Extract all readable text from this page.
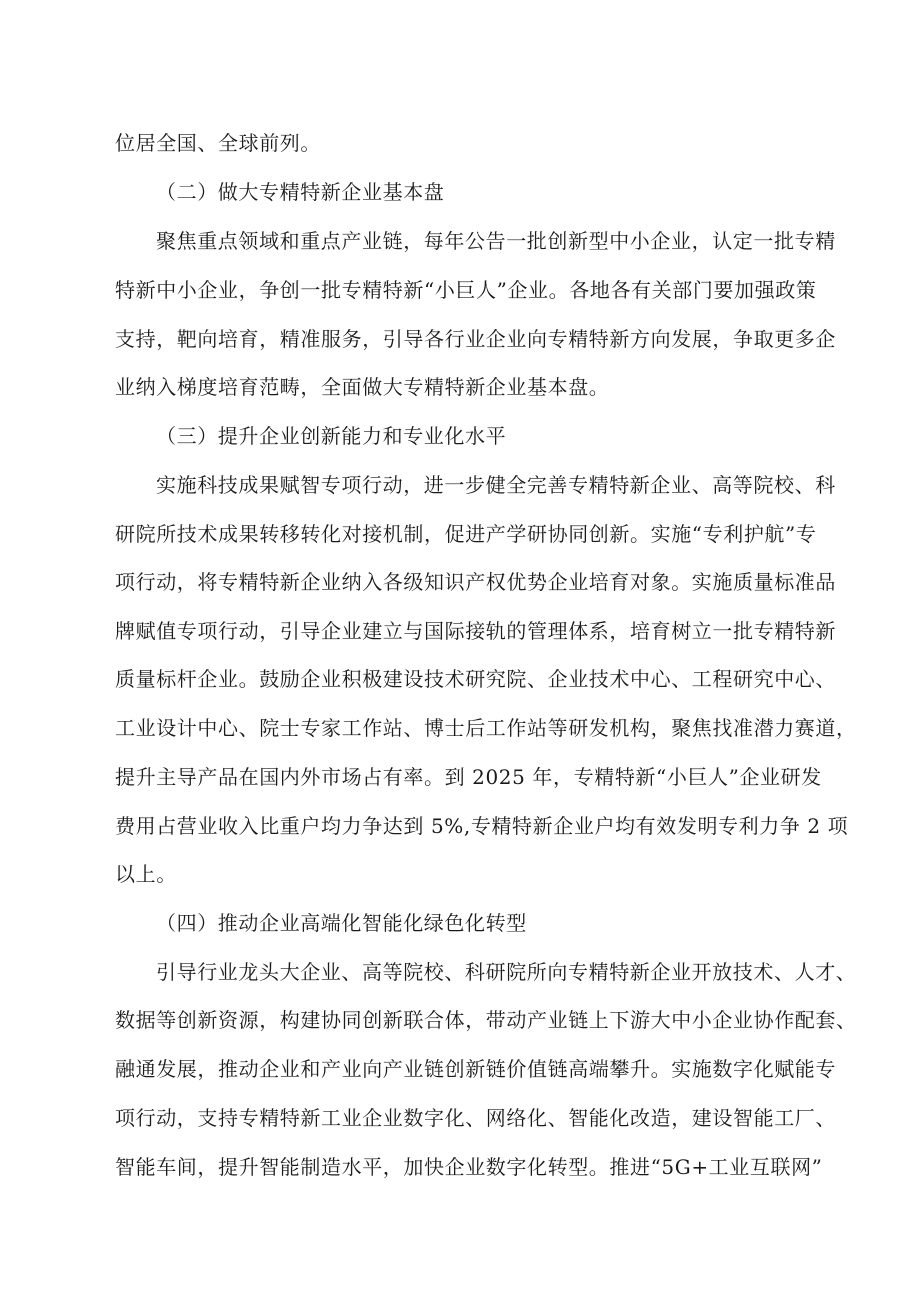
位居全国、全球前列。
（二）做大专精特新企业基本盘
聚焦重点领域和重点产业链，每年公告一批创新型中小企业，认定一批专精
特新中小企业，争创一批专精特新“小巨人”企业。各地各有关部门要加强政策
支持，靶向培育，精准服务，引导各行业企业向专精特新方向发展，争取更多企
业纳入梯度培育范畴，全面做大专精特新企业基本盘。
（三）提升企业创新能力和专业化水平
实施科技成果赋智专项行动，进一步健全完善专精特新企业、高等院校、科
研院所技术成果转移转化对接机制，促进产学研协同创新。实施“专利护航”专
项行动，将专精特新企业纳入各级知识产权优势企业培育对象。实施质量标准品
牌赋值专项行动，引导企业建立与国际接轨的管理体系，培育树立一批专精特新
质量标杆企业。鼓励企业积极建设技术研究院、企业技术中心、工程研究中心、
工业设计中心、院士专家工作站、博士后工作站等研发机构，聚焦找准潜力赛道，
提升主导产品在国内外市场占有率。到 2025 年，专精特新“小巨人”企业研发
费用占营业收入比重户均力争达到 5%,专精特新企业户均有效发明专利力争 2 项
以上。
（四）推动企业高端化智能化绿色化转型
引导行业龙头大企业、高等院校、科研院所向专精特新企业开放技术、人才、
数据等创新资源，构建协同创新联合体，带动产业链上下游大中小企业协作配套、
融通发展，推动企业和产业向产业链创新链价值链高端攀升。实施数字化赋能专
项行动，支持专精特新工业企业数字化、网络化、智能化改造，建设智能工厂、
智能车间，提升智能制造水平，加快企业数字化转型。推进“5G+工业互联网”
